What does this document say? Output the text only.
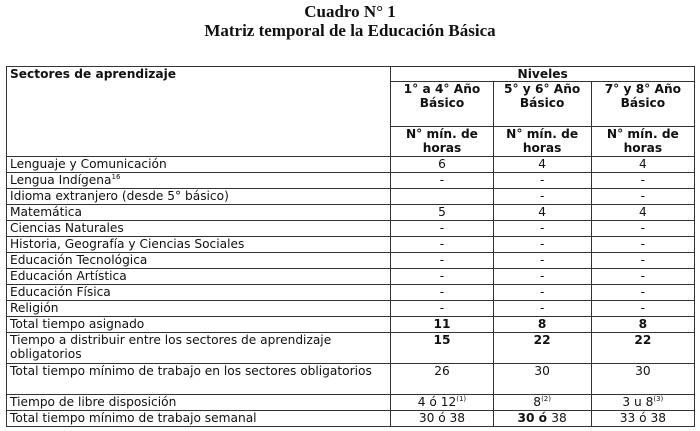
Cuadro N° 1
Matriz temporal de la Educación Básica
Sectores de aprendizaje	Niveles		
	1° a 4° Año Básico	5° y 6° Año Básico	7° y 8° Año Básico
	N° mín. de horas	N° mín. de horas	N° mín. de horas
Lenguaje y Comunicación	6	4	4
Lengua Indígena$^{16}$	-	-	-
Idioma extranjero (desde 5° básico)		-	-
Matemática	5	4	4
Ciencias Naturales	-	-	-
Historia, Geografía y Ciencias Sociales	-	-	-
Educación Tecnológica	-	-	-
Educación Artística	-	-	-
Educación Física	-	-	-
Religión	-	-	-
Total tiempo asignado	11	8	8
Tiempo a distribuir entre los sectores de aprendizaje obligatorios	15	22	22
Total tiempo mínimo de trabajo en los sectores obligatorios	26	30	30
Tiempo de libre disposición	4 ó 12$^{(1)}$	8$^{(2)}$	3 u 8$^{(3)}$
Total tiempo mínimo de trabajo semanal	30 ó 38	30 ó 38	33 ó 38
